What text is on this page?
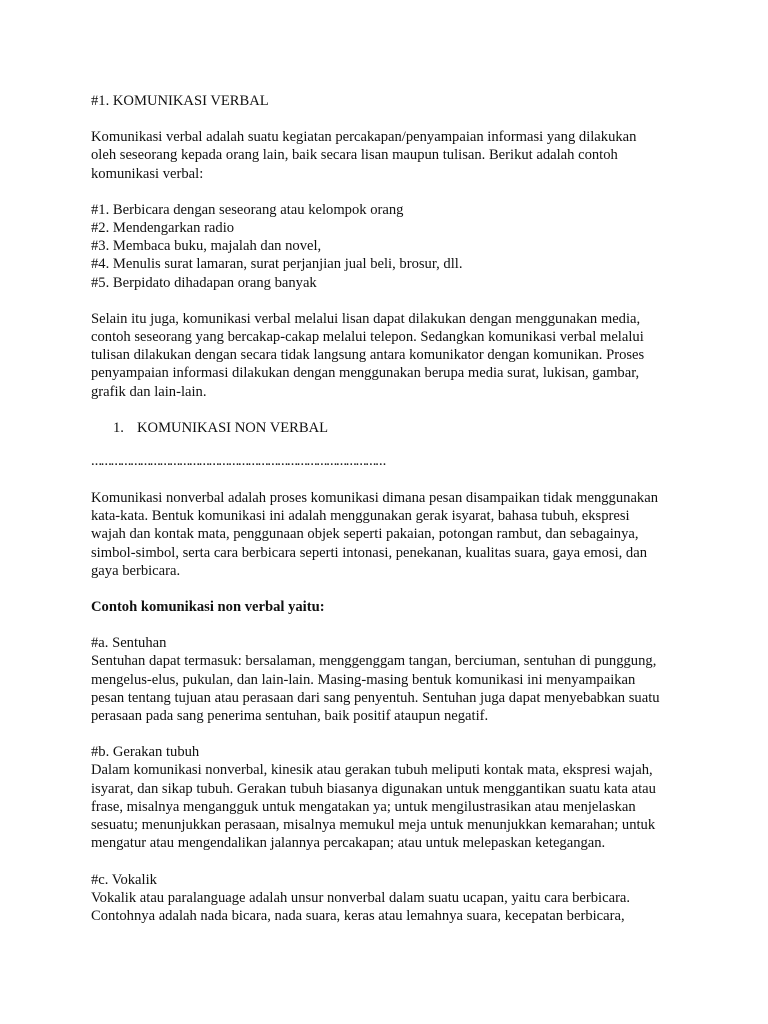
#1. KOMUNIKASI VERBAL

Komunikasi verbal adalah suatu kegiatan percakapan/penyampaian informasi yang dilakukan

oleh seseorang kepada orang lain, baik secara lisan maupun tulisan. Berikut adalah contoh

komunikasi verbal:

#1. Berbicara dengan seseorang atau kelompok orang

#2. Mendengarkan radio

#3. Membaca buku, majalah dan novel,

#4. Menulis surat lamaran, surat perjanjian jual beli, brosur, dll.

#5. Berpidato dihadapan orang banyak

Selain itu juga, komunikasi verbal melalui lisan dapat dilakukan dengan menggunakan media,

contoh seseorang yang bercakap-cakap melalui telepon. Sedangkan komunikasi verbal melalui

tulisan dilakukan dengan secara tidak langsung antara komunikator dengan komunikan. Proses

penyampaian informasi dilakukan dengan menggunakan berupa media surat, lukisan, gambar,

grafik dan lain-lain.

1. KOMUNIKASI NON VERBAL

………………………………………………………………………………

Komunikasi nonverbal adalah proses komunikasi dimana pesan disampaikan tidak menggunakan

kata-kata. Bentuk komunikasi ini adalah menggunakan gerak isyarat, bahasa tubuh, ekspresi

wajah dan kontak mata, penggunaan objek seperti pakaian, potongan rambut, dan sebagainya,

simbol-simbol, serta cara berbicara seperti intonasi, penekanan, kualitas suara, gaya emosi, dan

gaya berbicara.

Contoh komunikasi non verbal yaitu:

#a. Sentuhan

Sentuhan dapat termasuk: bersalaman, menggenggam tangan, berciuman, sentuhan di punggung,

mengelus-elus, pukulan, dan lain-lain. Masing-masing bentuk komunikasi ini menyampaikan

pesan tentang tujuan atau perasaan dari sang penyentuh. Sentuhan juga dapat menyebabkan suatu

perasaan pada sang penerima sentuhan, baik positif ataupun negatif.

#b. Gerakan tubuh

Dalam komunikasi nonverbal, kinesik atau gerakan tubuh meliputi kontak mata, ekspresi wajah,

isyarat, dan sikap tubuh. Gerakan tubuh biasanya digunakan untuk menggantikan suatu kata atau

frase, misalnya mengangguk untuk mengatakan ya; untuk mengilustrasikan atau menjelaskan

sesuatu; menunjukkan perasaan, misalnya memukul meja untuk menunjukkan kemarahan; untuk

mengatur atau mengendalikan jalannya percakapan; atau untuk melepaskan ketegangan.

#c. Vokalik

Vokalik atau paralanguage adalah unsur nonverbal dalam suatu ucapan, yaitu cara berbicara.

Contohnya adalah nada bicara, nada suara, keras atau lemahnya suara, kecepatan berbicara,
